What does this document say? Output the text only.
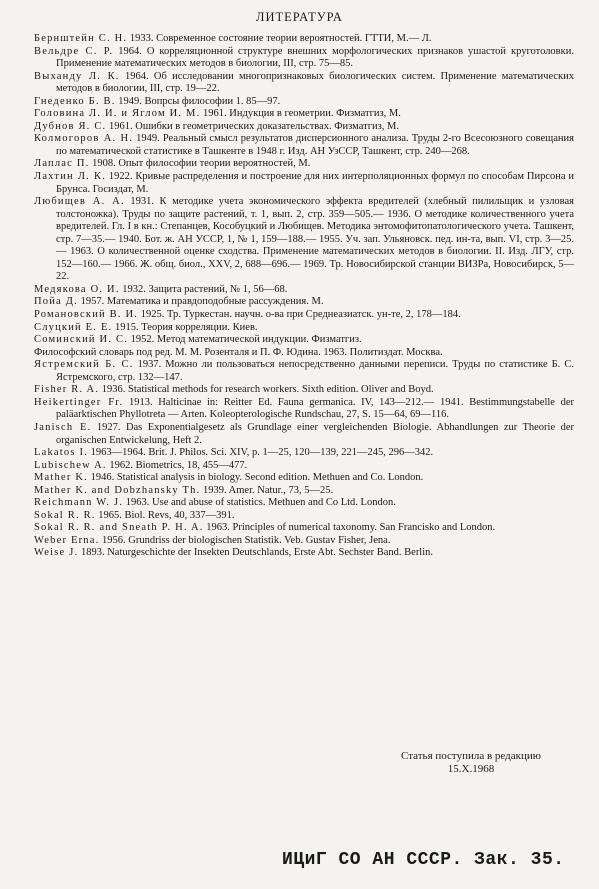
ЛИТЕРАТУРА
Бернштейн С. Н. 1933. Современное состояние теории вероятностей. ГТТИ, М.— Л.
Вельдре С. Р. 1964. О корреляционной структуре внешних морфологических признаков ушастой круготоловки. Применение математических методов в биологии, III, стр. 75—85.
Выханду Л. К. 1964. Об исследовании многопризнаковых биологических систем. Применение математических методов в биологии, III, стр. 19—22.
Гнеденко Б. В. 1949. Вопрсы философии 1. 85—97.
Головина Л. И. и Яглом И. М. 1961. Индукция в геометрии. Физматгиз, М.
Дубнов Я. С. 1961. Ошибки в геометрических доказательствах. Физматгиз, М.
Колмогоров А. Н. 1949. Реальный смысл результатов дисперсионного анализа. Труды 2-го Всесоюзного совещания по математической статистике в Ташкенте в 1948 г. Изд. АН УзССР, Ташкент, стр. 240—268.
Лаплас П. 1908. Опыт философии теории вероятностей, М.
Лахтин Л. К. 1922. Кривые распределения и построение для них интерполяционных формул по способам Пирсона и Брунса. Госиздат, М.
Любищев А. А. 1931. К методике учета экономического эффекта вредителей (хлебный пилильщик и узловая толстоножка). Труды по защите растений, т. 1, вып. 2, стр. 359—505.— 1936. О методике количественного учета вредителей. Гл. I в кн.: Степанцев, Кособуцкий и Любищев. Методика энтомофитопатологического учета. Ташкент, стр. 7—35.— 1940. Бот. ж. АН УССР, 1, № 1, 159—188.— 1955. Уч. зап. Ульяновск. пед. ин-та, вып. VI, стр. 3—25.— 1963. О количественной оценке сходства. Применение математических методов в биологии. II. Изд. ЛГУ, стр. 152—160.— 1966. Ж. общ. биол., XXV, 2, 688—696.— 1969. Тр. Новосибирской станции ВИЗРа, Новосибирск, 5—22.
Медякова О. И. 1932. Защита растений, № 1, 56—68.
Пойа Д. 1957. Математика и правдоподобные рассуждения. М.
Романовский В. И. 1925. Тр. Туркестан. научн. о-ва при Среднеазиатск. ун-те, 2, 178—184.
Слуцкий Е. Е. 1915. Теория корреляции. Киев.
Соминский И. С. 1952. Метод математической индукции. Физматгиз.
Философский словарь под ред. М. М. Розенталя и П. Ф. Юдина. 1963. Политиздат. Москва.
Ястремский Б. С. 1937. Можно ли пользоваться непосредственно данными переписи. Труды по статистике Б. С. Ястремского, стр. 132—147.
Fisher R. A. 1936. Statistical methods for research workers. Sixth edition. Oliver and Boyd.
Heikertinger Fr. 1913. Halticinae in: Reitter Ed. Fauna germanica. IV, 143—212.— 1941. Bestimmungstabelle der paläarktischen Phyllotreta — Arten. Koleopterologische Rundschau, 27, S. 15—64, 69—116.
Janisch E. 1927. Das Exponentialgesetz als Grundlage einer vergleichenden Biologie. Abhandlungen zur Theorie der organischen Entwickelung, Heft 2.
Lakatos I. 1963—1964. Brit. J. Philos. Sci. XIV, p. 1—25, 120—139, 221—245, 296—342.
Lubischew A. 1962. Biometrics, 18, 455—477.
Mather K. 1946. Statistical analysis in biology. Second edition. Methuen and Co. London.
Mather K. and Dobzhansky Th. 1939. Amer. Natur., 73, 5—25.
Reichmann W. J. 1963. Use and abuse of statistics. Methuen and Co Ltd. London.
Sokal R. R. 1965. Biol. Revs, 40, 337—391.
Sokal R. R. and Sneath P. H. A. 1963. Principles of numerical taxonomy. San Francisko and London.
Weber Erna. 1956. Grundriss der biologischen Statistik. Veb. Gustav Fisher, Jena.
Weise J. 1893. Naturgeschichte der Insekten Deutschlands, Erste Abt. Sechster Band. Berlin.
Статья поступила в редакцию
15.X.1968
ИЦиГ СО АН СССР. Зак. 35.
